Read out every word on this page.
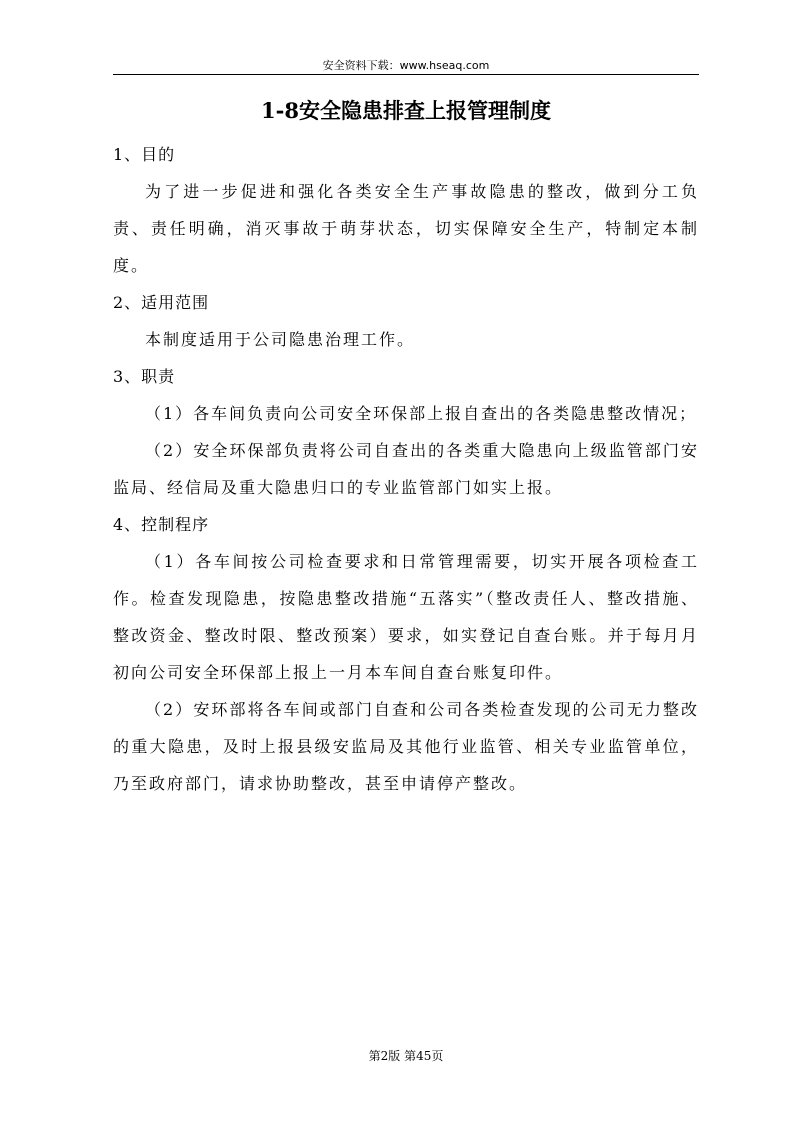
安全资料下载：www.hseaq.com
1-8安全隐患排查上报管理制度
1、目的

为了进一步促进和强化各类安全生产事故隐患的整改，做到分工负责、责任明确，消灭事故于萌芽状态，切实保障安全生产，特制定本制度。

2、适用范围

本制度适用于公司隐患治理工作。

3、职责

（1）各车间负责向公司安全环保部上报自查出的各类隐患整改情况；

（2）安全环保部负责将公司自查出的各类重大隐患向上级监管部门安监局、经信局及重大隐患归口的专业监管部门如实上报。

4、控制程序

（1）各车间按公司检查要求和日常管理需要，切实开展各项检查工作。检查发现隐患，按隐患整改措施“五落实”（整改责任人、整改措施、整改资金、整改时限、整改预案）要求，如实登记自查台账。并于每月月初向公司安全环保部上报上一月本车间自查台账复印件。

（2）安环部将各车间或部门自查和公司各类检查发现的公司无力整改的重大隐患，及时上报县级安监局及其他行业监管、相关专业监管单位，乃至政府部门，请求协助整改，甚至申请停产整改。

第2版 第45页
